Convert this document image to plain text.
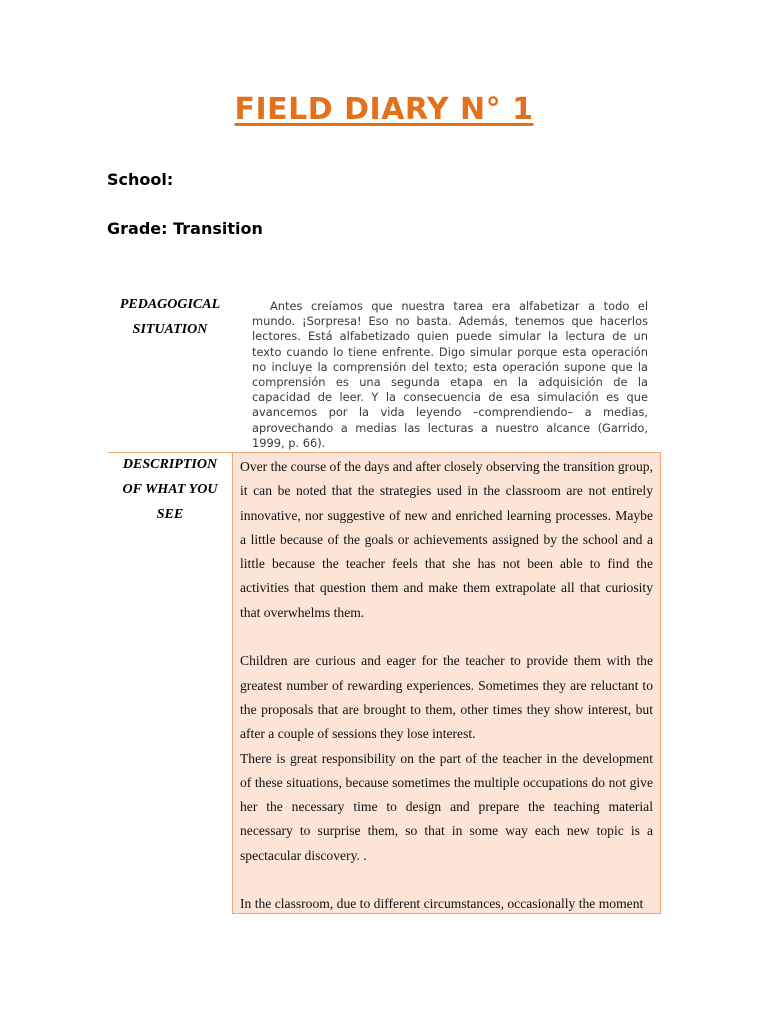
FIELD DIARY N° 1
School:
Grade: Transition
PEDAGOGICAL
SITUATION

Antes creíamos que nuestra tarea era alfabetizar a todo el mundo. ¡Sorpresa! Eso no basta. Además, tenemos que hacerlos lectores. Está alfabetizado quien puede simular la lectura de un texto cuando lo tiene enfrente. Digo simular porque esta operación no incluye la comprensión del texto; esta operación supone que la comprensión es una segunda etapa en la adquisición de la capacidad de leer. Y la consecuencia de esa simulación es que avancemos por la vida leyendo –comprendiendo– a medias, aprovechando a medias las lecturas a nuestro alcance (Garrido, 1999, p. 66).

DESCRIPTION
OF WHAT YOU
SEE

Over the course of the days and after closely observing the transition group, it can be noted that the strategies used in the classroom are not entirely innovative, nor suggestive of new and enriched learning processes. Maybe a little because of the goals or achievements assigned by the school and a little because the teacher feels that she has not been able to find the activities that question them and make them extrapolate all that curiosity that overwhelms them.

Children are curious and eager for the teacher to provide them with the greatest number of rewarding experiences. Sometimes they are reluctant to the proposals that are brought to them, other times they show interest, but after a couple of sessions they lose interest.

There is great responsibility on the part of the teacher in the development of these situations, because sometimes the multiple occupations do not give her the necessary time to design and prepare the teaching material necessary to surprise them, so that in some way each new topic is a spectacular discovery. .

In the classroom, due to different circumstances, occasionally the moment
